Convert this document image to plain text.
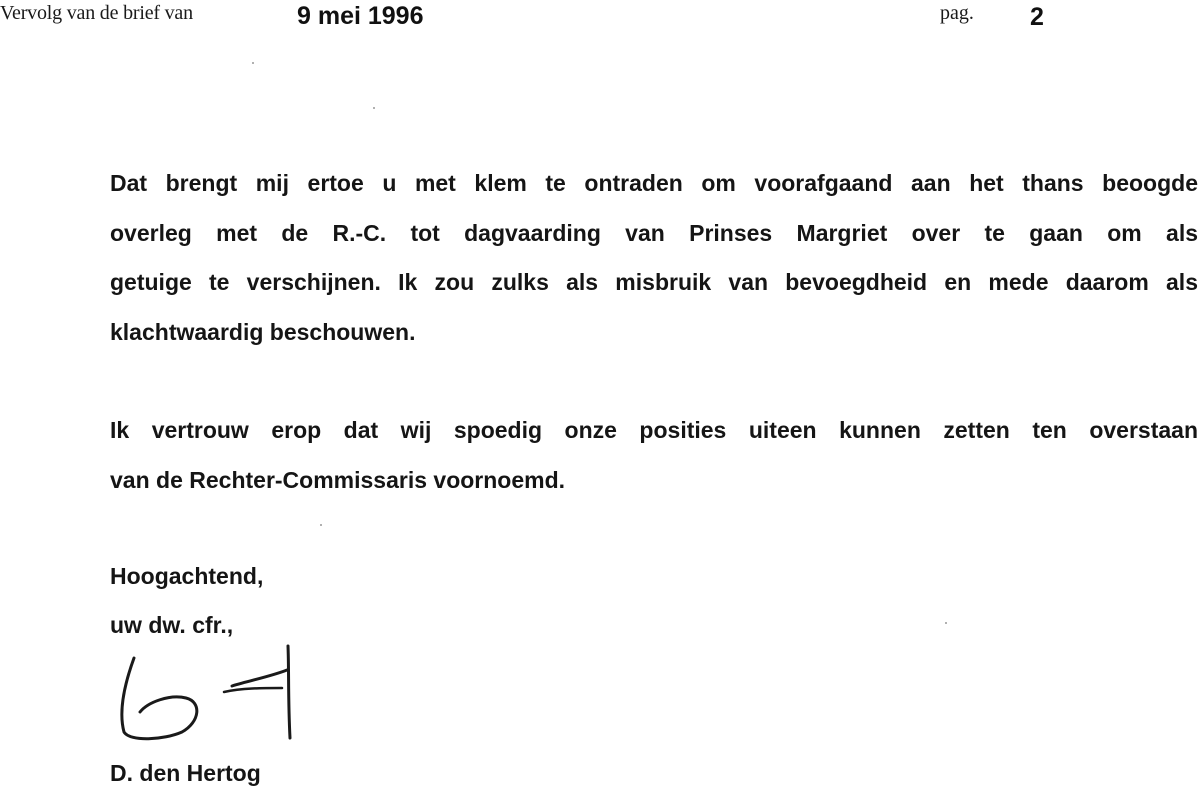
Vervolg van de brief van	9 mei 1996	pag. 2
Dat brengt mij ertoe u met klem te ontraden om voorafgaand aan het thans beoogde
overleg met de R.-C. tot dagvaarding van Prinses Margriet over te gaan om als
getuige te verschijnen. Ik zou zulks als misbruik van bevoegdheid en mede daarom als
klachtwaardig beschouwen.
Ik vertrouw erop dat wij spoedig onze posities uiteen kunnen zetten ten overstaan
van de Rechter-Commissaris voornoemd.
Hoogachtend,
uw dw. cfr.,
D. den Hertog
